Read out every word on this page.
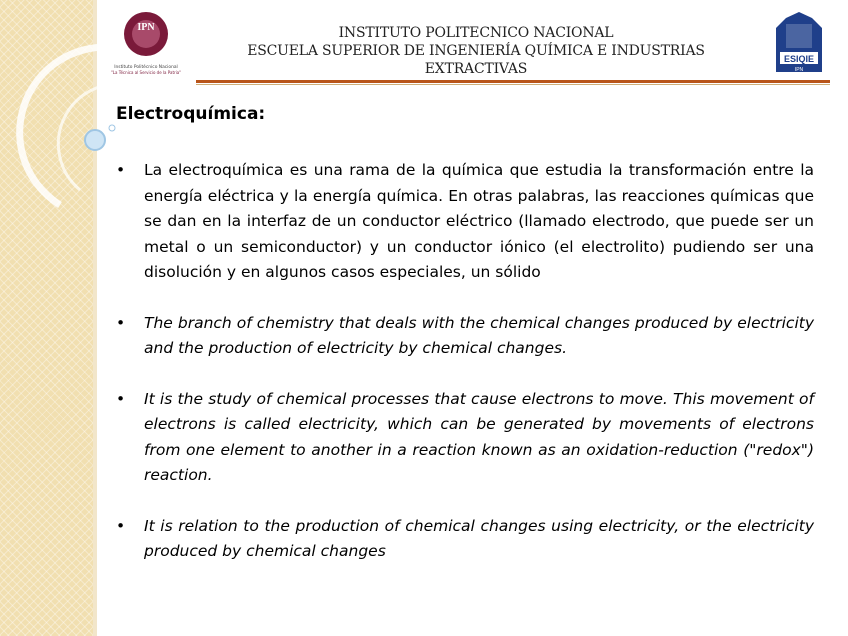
IPN
Instituto Politécnico Nacional
"La Técnica al Servicio de la Patria"
INSTITUTO POLITECNICO NACIONAL
ESCUELA SUPERIOR DE INGENIERÍA QUÍMICA E INDUSTRIAS EXTRACTIVAS
ESIQIE
IPN
Electroquímica:
• La electroquímica es una rama de la química que estudia la transformación entre la energía eléctrica y la energía química. En otras palabras, las reacciones químicas que se dan en la interfaz de un conductor eléctrico (llamado electrodo, que puede ser un metal o un semiconductor) y un conductor iónico (el electrolito) pudiendo ser una disolución y en algunos casos especiales, un sólido
• The branch of chemistry that deals with the chemical changes produced by electricity and the production of electricity by chemical changes.
• It is the study of chemical processes that cause electrons to move. This movement of electrons is called electricity, which can be generated by movements of electrons from one element to another in a reaction known as an oxidation-reduction ("redox") reaction.
• It is relation to the production of chemical changes using electricity, or the electricity produced by chemical changes
